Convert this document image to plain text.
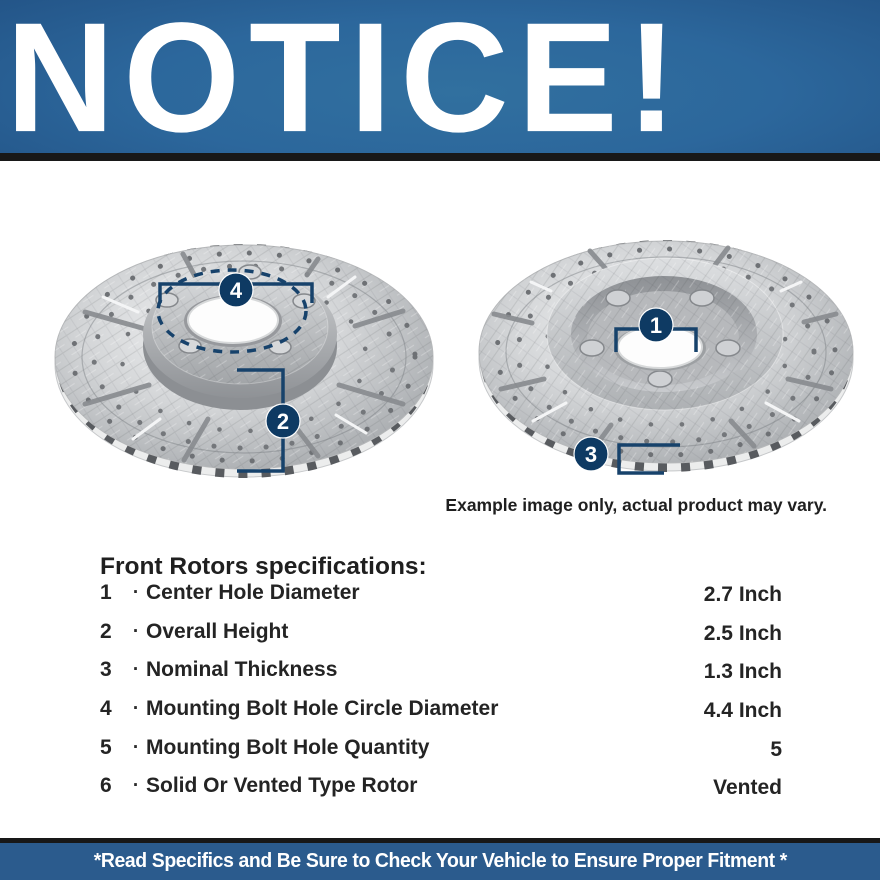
NOTICE!
4
2
1
3
Example image only, actual product may vary.
Front Rotors specifications:
1	· Center Hole Diameter	2.7 Inch
2	· Overall Height	2.5 Inch
3	· Nominal Thickness	1.3 Inch
4	· Mounting Bolt Hole Circle Diameter	4.4 Inch
5	· Mounting Bolt Hole Quantity	5
6	· Solid Or Vented Type Rotor	Vented

*Read Specifics and Be Sure to Check Your Vehicle to Ensure Proper Fitment *
